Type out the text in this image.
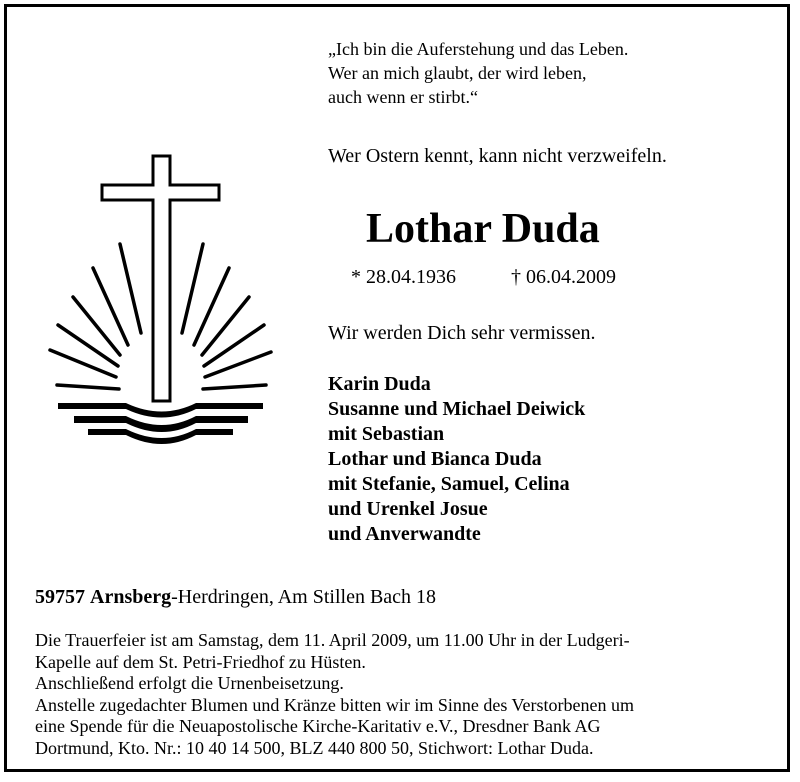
„Ich bin die Auferstehung und das Leben.
Wer an mich glaubt, der wird leben,
auch wenn er stirbt.“
Wer Ostern kennt, kann nicht verzweifeln.
Lothar Duda
* 28.04.1936	† 06.04.2009
Wir werden Dich sehr vermissen.
Karin Duda
Susanne und Michael Deiwick
mit Sebastian
Lothar und Bianca Duda
mit Stefanie, Samuel, Celina
und Urenkel Josue
und Anverwandte
59757 Arnsberg-Herdringen, Am Stillen Bach 18
Die Trauerfeier ist am Samstag, dem 11. April 2009, um 11.00 Uhr in der Ludgeri-
Kapelle auf dem St. Petri-Friedhof zu Hüsten.
Anschließend erfolgt die Urnenbeisetzung.
Anstelle zugedachter Blumen und Kränze bitten wir im Sinne des Verstorbenen um
eine Spende für die Neuapostolische Kirche-Karitativ e.V., Dresdner Bank AG
Dortmund, Kto. Nr.: 10 40 14 500, BLZ 440 800 50, Stichwort: Lothar Duda.
